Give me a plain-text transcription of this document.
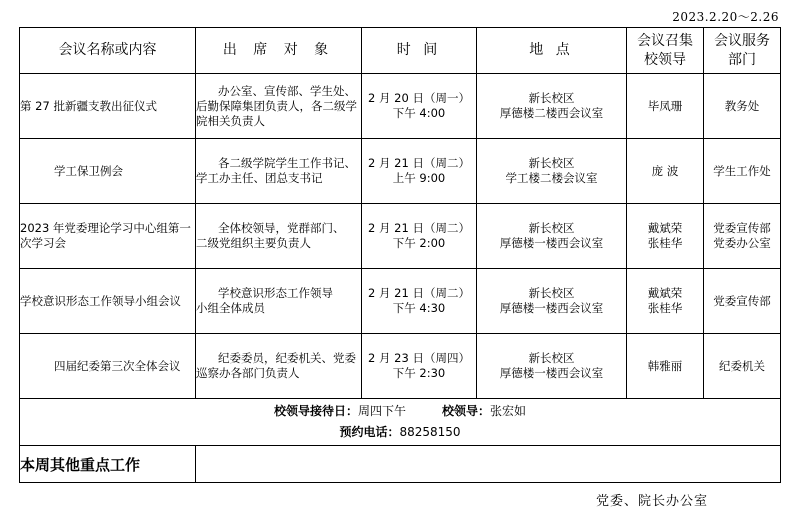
2023.2.20～2.26
会议名称或内容	出 席 对 象	时 间	地 点	会议召集
校领导	会议服务
部门
第 27 批新疆支教出征仪式	办公室、宣传部、学生处、
后勤保障集团负责人，各二级学
院相关负责人	2 月 20 日（周一）
下午 4:00	新长校区
厚德楼二楼西会议室	毕凤珊	教务处

学工保卫例会	各二级学院学生工作书记、
学工办主任、团总支书记	2 月 21 日（周二）
上午 9:00	新长校区
学工楼二楼会议室	庞 波	学生工作处

2023 年党委理论学习中心组第一次学习会	全体校领导，党群部门、
二级党组织主要负责人	2 月 21 日（周二）
下午 2:00	新长校区
厚德楼一楼西会议室	戴斌荣
张桂华	党委宣传部
党委办公室

学校意识形态工作领导小组会议	学校意识形态工作领导
小组全体成员	2 月 21 日（周二）
下午 4:30	新长校区
厚德楼一楼西会议室	戴斌荣
张桂华	党委宣传部

四届纪委第三次全体会议	纪委委员，纪委机关、党委
巡察办各部门负责人	2 月 23 日（周四）
下午 2:30	新长校区
厚德楼一楼西会议室	韩雅丽	纪委机关

校领导接待日：周四下午 校领导：张宏如
预约电话：88258150					

本周其他重点工作					
党委、院长办公室
